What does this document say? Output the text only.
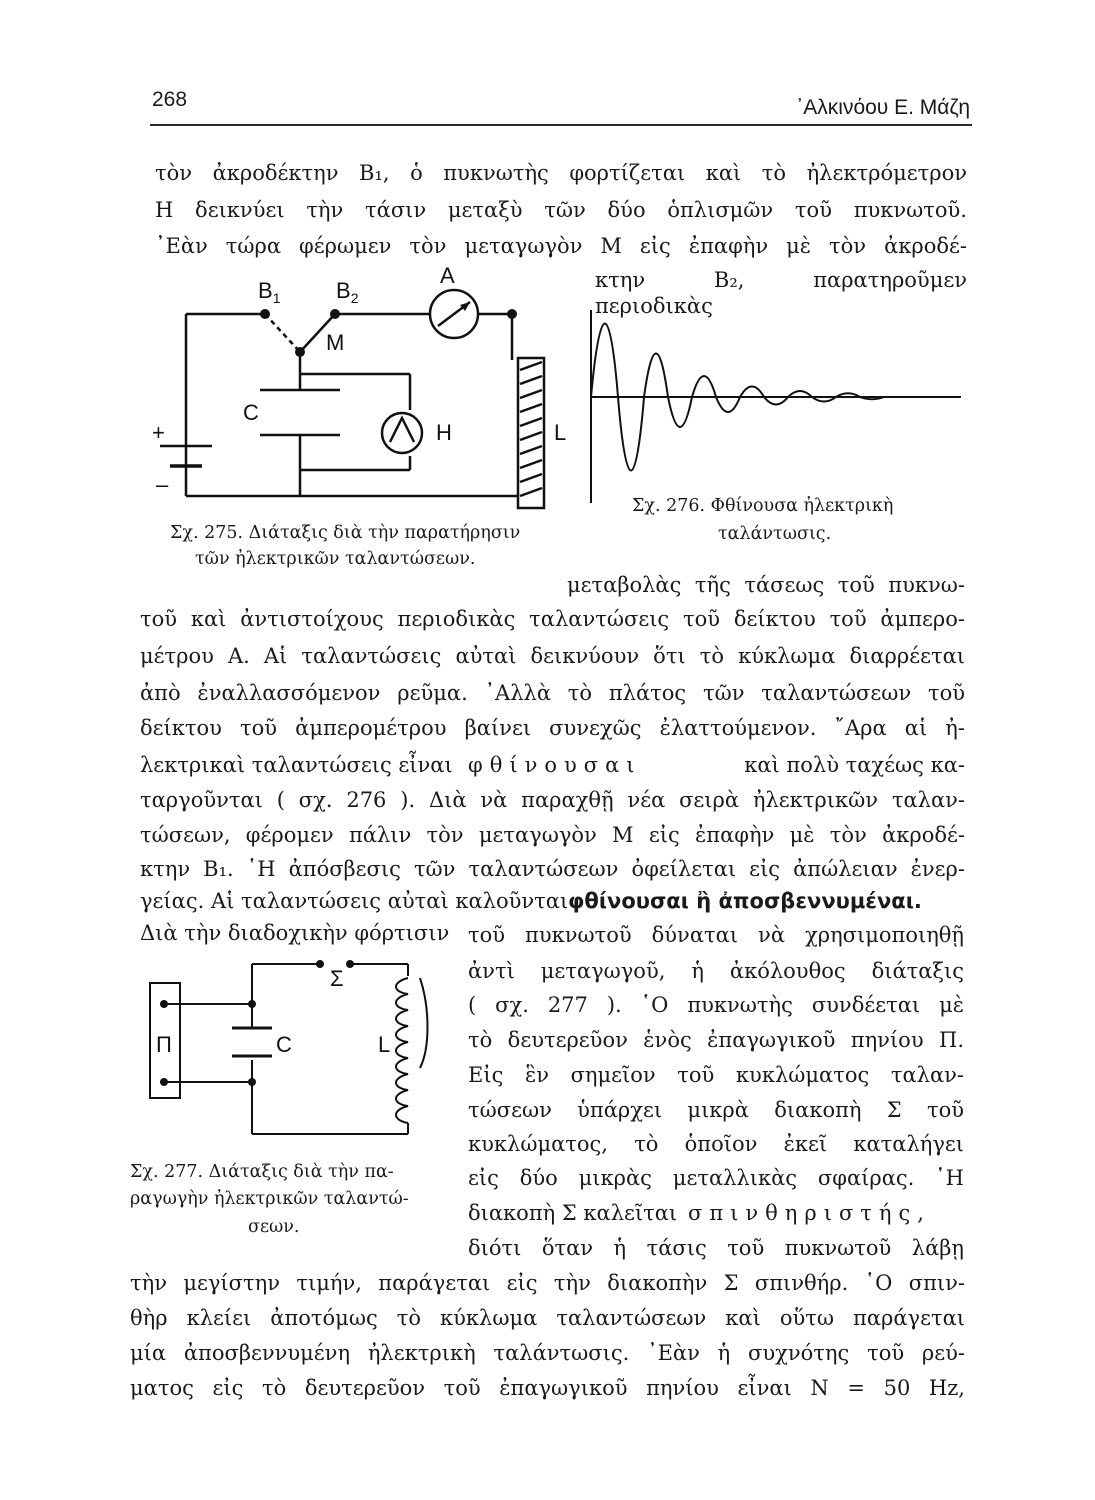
268	᾿Αλκινόου Ε. Μάζη
τὸν ἀκροδέκτην Β₁, ὁ πυκνωτὴς φορτίζεται καὶ τὸ ἠλεκτρόμετρον
Η δεικνύει τὴν τάσιν μεταξὺ τῶν δύο ὁπλισμῶν τοῦ πυκνωτοῦ.
᾿Εὰν τώρα φέρωμεν τὸν μεταγωγὸν Μ εἰς ἐπαφὴν μὲ τὸν ἀκροδέ-
κτην Β₂, παρατηροῦμεν περιοδικὰς
$B_1$	$B_2$
A
M
C
H	L
+
–
Σχ. 276. Φθίνουσα ἠλεκτρικὴ
ταλάντωσις.
Σχ. 275. Διάταξις διὰ τὴν παρατήρησιν
τῶν ἠλεκτρικῶν ταλαντώσεων.
μεταβολὰς τῆς τάσεως τοῦ πυκνω-
τοῦ καὶ ἀντιστοίχους περιοδικὰς ταλαντώσεις τοῦ δείκτου τοῦ ἀμπερο-
μέτρου Α. Αἱ ταλαντώσεις αὐταὶ δεικνύουν ὅτι τὸ κύκλωμα διαρρέεται
ἀπὸ ἐναλλασσόμενον ρεῦμα. ᾿Αλλὰ τὸ πλάτος τῶν ταλαντώσεων τοῦ
δείκτου τοῦ ἀμπερομέτρου βαίνει συνεχῶς ἐλαττούμενον. ῎Αρα αἱ ἠ-
λεκτρικαὶ ταλαντώσεις εἶναι φθίνουσαι	καὶ πολὺ ταχέως κα-
ταργοῦνται ( σχ. 276 ). Διὰ νὰ παραχθῇ νέα σειρὰ ἠλεκτρικῶν ταλαν-
τώσεων, φέρομεν πάλιν τὸν μεταγωγὸν Μ εἰς ἐπαφὴν μὲ τὸν ἀκροδέ-
κτην Β₁. ῾Η ἀπόσβεσις τῶν ταλαντώσεων ὀφείλεται εἰς ἀπώλειαν ἐνερ-
γείας. Αἱ ταλαντώσεις αὐταὶ καλοῦνται φθίνουσαι ἢ ἀποσβεννυμέναι.
Διὰ τὴν διαδοχικὴν φόρτισιν τοῦ πυκνωτοῦ δύναται νὰ χρησιμοποιηθῇ
ἀντὶ μεταγωγοῦ, ἡ ἀκόλουθος διάταξις
( σχ. 277 ). ῾Ο πυκνωτὴς συνδέεται μὲ
τὸ δευτερεῦον ἑνὸς ἐπαγωγικοῦ πηνίου Π.
Εἰς ἓν σημεῖον τοῦ κυκλώματος ταλαν-
τώσεων ὑπάρχει μικρὰ διακοπὴ Σ τοῦ
κυκλώματος, τὸ ὁποῖον ἐκεῖ καταλήγει
εἰς δύο μικρὰς μεταλλικὰς σφαίρας. ῾Η
διακοπὴ Σ καλεῖται σπινθηριστής,
διότι ὅταν ἡ τάσις τοῦ πυκνωτοῦ λάβῃ
Π	C	L
Σ
Σχ. 277. Διάταξις διὰ τὴν πα-
ραγωγὴν ἠλεκτρικῶν ταλαντώ-
σεων.
τὴν μεγίστην τιμήν, παράγεται εἰς τὴν διακοπὴν Σ σπινθήρ. ῾Ο σπιν-
θὴρ κλείει ἀποτόμως τὸ κύκλωμα ταλαντώσεων καὶ οὕτω παράγεται
μία ἀποσβεννυμένη ἠλεκτρικὴ ταλάντωσις. ᾿Εὰν ἡ συχνότης τοῦ ρεύ-
ματος εἰς τὸ δευτερεῦον τοῦ ἐπαγωγικοῦ πηνίου εἶναι Ν = 50 Hz,
